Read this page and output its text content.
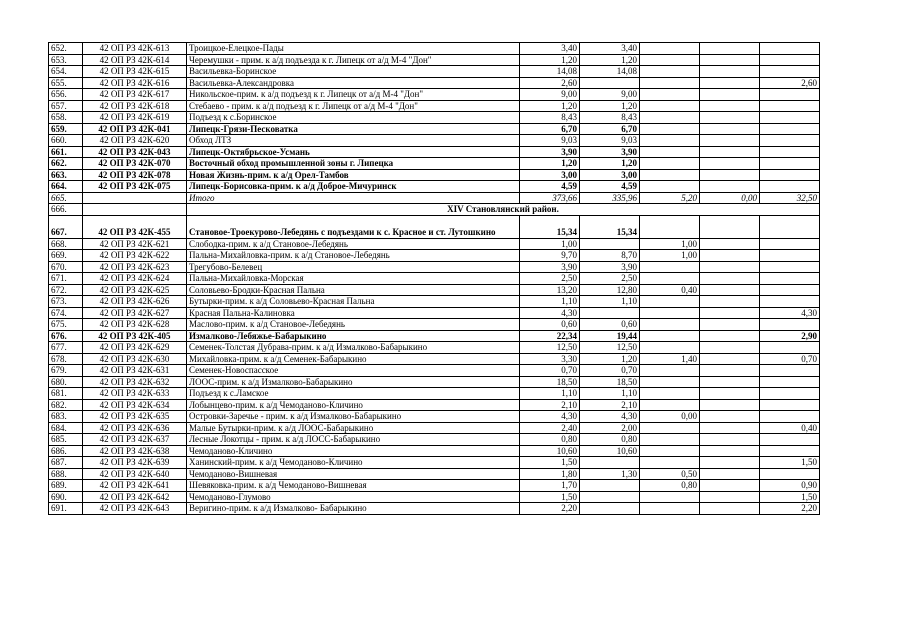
652.	42 ОП РЗ 42К-613	Троицкое-Елецкое-Пады	3,40	3,40			
653.	42 ОП РЗ 42К-614	Черемушки - прим. к а/д подъезда к г. Липецк от а/д М-4 "Дон"	1,20	1,20			
654.	42 ОП РЗ 42К-615	Васильевка-Боринское	14,08	14,08			
655.	42 ОП РЗ 42К-616	Васильевка-Александровка	2,60				2,60
656.	42 ОП РЗ 42К-617	Никольское-прим. к а/д подъезд к г. Липецк от а/д М-4 "Дон"	9,00	9,00			
657.	42 ОП РЗ 42К-618	Стебаево - прим. к а/д подъезд к г. Липецк от а/д М-4 "Дон"	1,20	1,20			
658.	42 ОП РЗ 42К-619	Подъезд к с.Боринское	8,43	8,43			
659.	42 ОП РЗ 42К-041	Липецк-Грязи-Песковатка	6,70	6,70			
660.	42 ОП РЗ 42К-620	Обход ЛТЗ	9,03	9,03			
661.	42 ОП РЗ 42К-043	Липецк-Октябрьское-Усмань	3,90	3,90			
662.	42 ОП РЗ 42К-070	Восточный обход промышленной зоны г. Липецка	1,20	1,20			
663.	42 ОП РЗ 42К-078	Новая Жизнь-прим. к а/д Орел-Тамбов	3,00	3,00			
664.	42 ОП РЗ 42К-075	Липецк-Борисовка-прим. к а/д Доброе-Мичуринск	4,59	4,59			
665.		Итого	373,66	335,96	5,20	0,00	32,50
666.		XIV Становлянский район.					
667.	42 ОП РЗ 42К-455	Становое-Троекурово-Лебедянь с подъездами к с. Красное и ст. Лутошкино	15,34	15,34			
668.	42 ОП РЗ 42К-621	Слободка-прим. к а/д Становое-Лебедянь	1,00		1,00		
669.	42 ОП РЗ 42К-622	Пальна-Михайловка-прим. к а/д Становое-Лебедянь	9,70	8,70	1,00		
670.	42 ОП РЗ 42К-623	Трегубово-Белевец	3,90	3,90			
671.	42 ОП РЗ 42К-624	Пальна-Михайловка-Морская	2,50	2,50			
672.	42 ОП РЗ 42К-625	Соловьево-Бродки-Красная Пальна	13,20	12,80	0,40		
673.	42 ОП РЗ 42К-626	Бутырки-прим. к а/д Соловьево-Красная Пальна	1,10	1,10			
674.	42 ОП РЗ 42К-627	Красная Пальна-Калиновка	4,30				4,30
675.	42 ОП РЗ 42К-628	Маслово-прим. к а/д Становое-Лебедянь	0,60	0,60			
676.	42 ОП РЗ 42К-405	Измалково-Лебяжье-Бабарыкино	22,34	19,44			2,90
677.	42 ОП РЗ 42К-629	Семенек-Толстая Дубрава-прим. к а/д Измалково-Бабарыкино	12,50	12,50			
678.	42 ОП РЗ 42К-630	Михайловка-прим. к а/д Семенек-Бабарыкино	3,30	1,20	1,40		0,70
679.	42 ОП РЗ 42К-631	Семенек-Новоспасское	0,70	0,70			
680.	42 ОП РЗ 42К-632	ЛООС-прим. к а/д Измалково-Бабарыкино	18,50	18,50			
681.	42 ОП РЗ 42К-633	Подъезд к с.Ламское	1,10	1,10			
682.	42 ОП РЗ 42К-634	Лобынцево-прим. к а/д Чемоданово-Кличино	2,10	2,10			
683.	42 ОП РЗ 42К-635	Островки-Заречье - прим. к а/д Измалково-Бабарыкино	4,30	4,30	0,00		
684.	42 ОП РЗ 42К-636	Малые Бутырки-прим. к а/д ЛООС-Бабарыкино	2,40	2,00			0,40
685.	42 ОП РЗ 42К-637	Лесные Локотцы - прим. к а/д ЛОСС-Бабарыкино	0,80	0,80			
686.	42 ОП РЗ 42К-638	Чемоданово-Кличино	10,60	10,60			
687.	42 ОП РЗ 42К-639	Ханинский-прим. к а/д Чемоданово-Кличино	1,50				1,50
688.	42 ОП РЗ 42К-640	Чемоданово-Вишневая	1,80	1,30	0,50		
689.	42 ОП РЗ 42К-641	Шевяковка-прим. к а/д Чемоданово-Вишневая	1,70		0,80		0,90
690.	42 ОП РЗ 42К-642	Чемоданово-Глумово	1,50				1,50
691.	42 ОП РЗ 42К-643	Веригино-прим. к а/д Измалково- Бабарыкино	2,20				2,20
